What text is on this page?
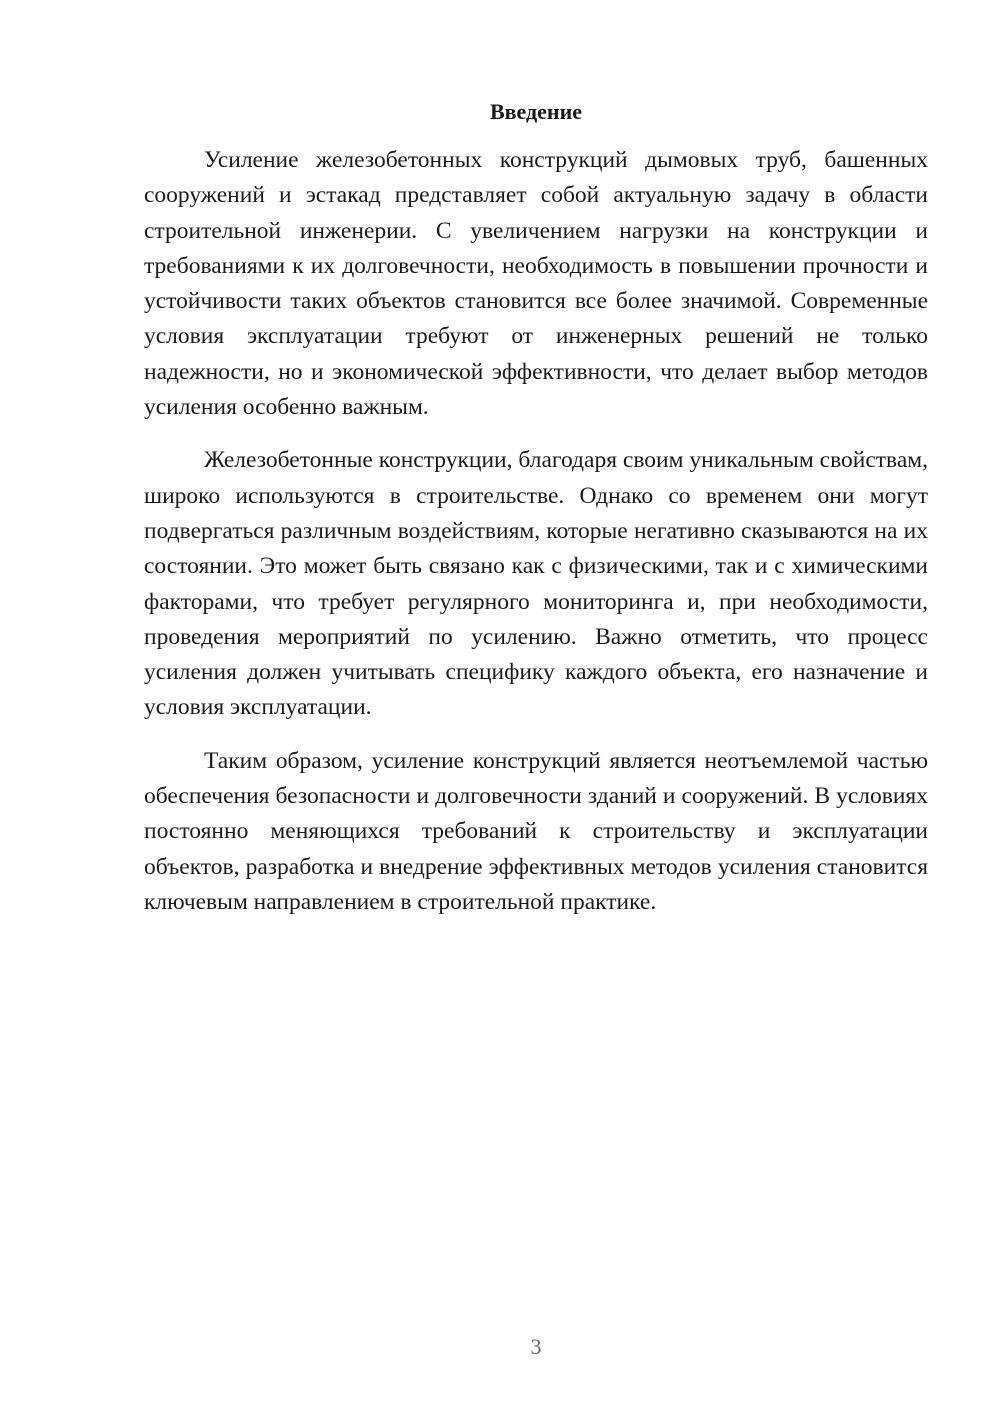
Введение

Усиление железобетонных конструкций дымовых труб, башенных сооружений и эстакад представляет собой актуальную задачу в области строительной инженерии. С увеличением нагрузки на конструкции и требованиями к их долговечности, необходимость в повышении прочности и устойчивости таких объектов становится все более значимой. Современные условия эксплуатации требуют от инженерных решений не только надежности, но и экономической эффективности, что делает выбор методов усиления особенно важным.

Железобетонные конструкции, благодаря своим уникальным свойствам, широко используются в строительстве. Однако со временем они могут подвергаться различным воздействиям, которые негативно сказываются на их состоянии. Это может быть связано как с физическими, так и с химическими факторами, что требует регулярного мониторинга и, при необходимости, проведения мероприятий по усилению. Важно отметить, что процесс усиления должен учитывать специфику каждого объекта, его назначение и условия эксплуатации.

Таким образом, усиление конструкций является неотъемлемой частью обеспечения безопасности и долговечности зданий и сооружений. В условиях постоянно меняющихся требований к строительству и эксплуатации объектов, разработка и внедрение эффективных методов усиления становится ключевым направлением в строительной практике.

3
